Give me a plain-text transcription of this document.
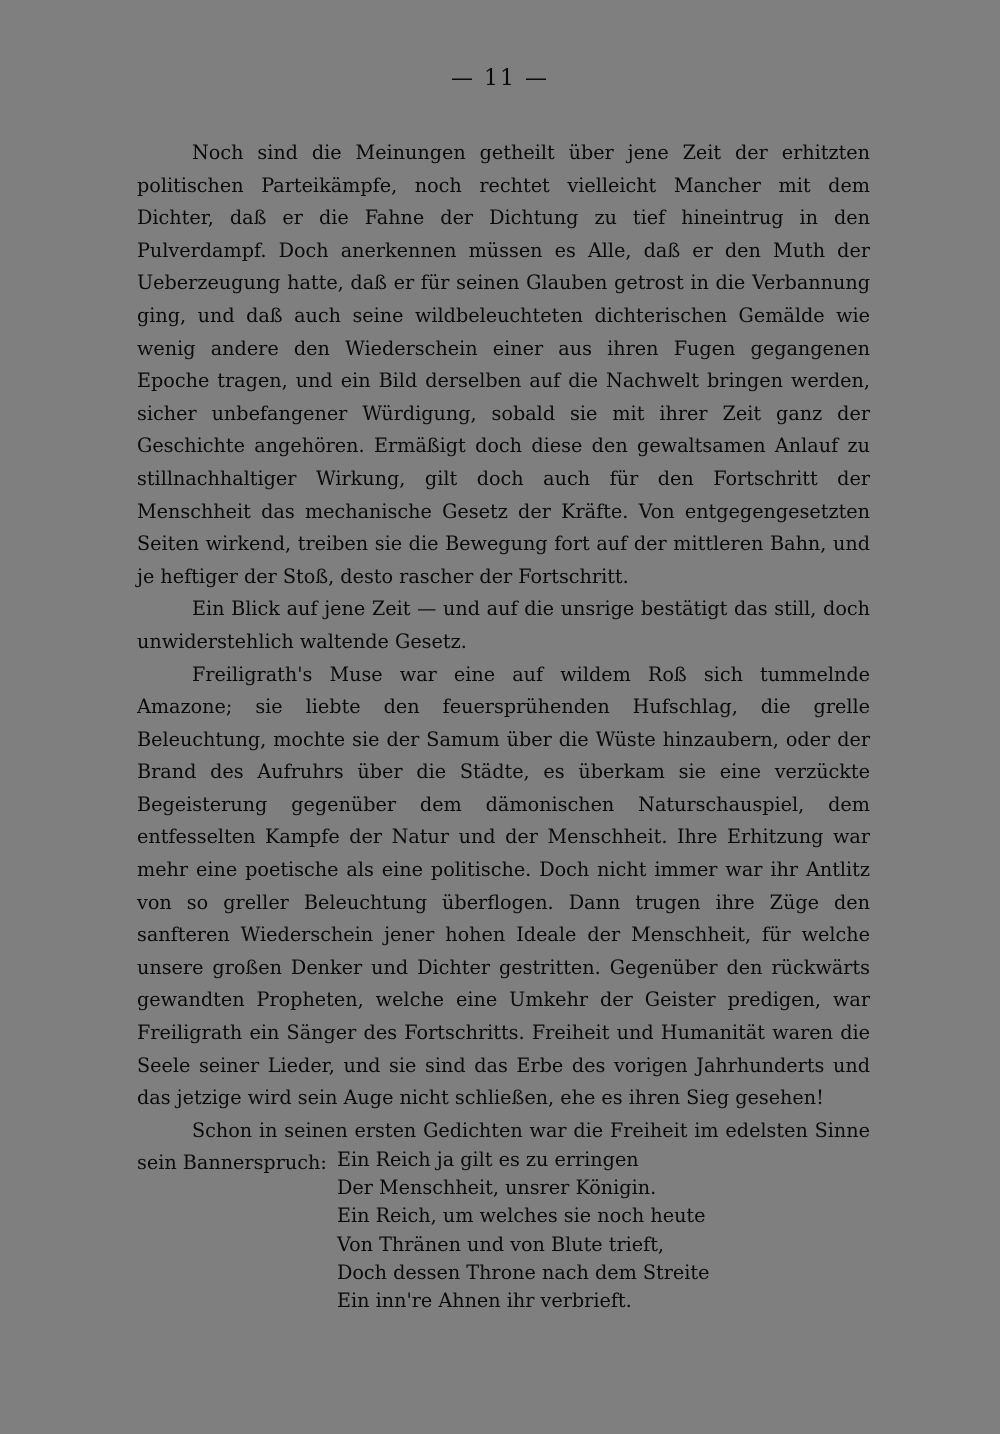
— 11 —

Noch sind die Meinungen getheilt über jene Zeit der erhitzten politischen Parteikämpfe, noch rechtet vielleicht Mancher mit dem Dichter, daß er die Fahne der Dichtung zu tief hineintrug in den Pulverdampf. Doch anerkennen müssen es Alle, daß er den Muth der Ueberzeugung hatte, daß er für seinen Glauben getrost in die Verbannung ging, und daß auch seine wildbeleuchteten dichterischen Gemälde wie wenig andere den Wiederschein einer aus ihren Fugen gegangenen Epoche tragen, und ein Bild derselben auf die Nachwelt bringen werden, sicher unbefangener Würdigung, sobald sie mit ihrer Zeit ganz der Geschichte angehören. Ermäßigt doch diese den gewaltsamen Anlauf zu stillnachhaltiger Wirkung, gilt doch auch für den Fortschritt der Menschheit das mechanische Gesetz der Kräfte. Von entgegengesetzten Seiten wirkend, treiben sie die Bewegung fort auf der mittleren Bahn, und je heftiger der Stoß, desto rascher der Fortschritt.

Ein Blick auf jene Zeit — und auf die unsrige bestätigt das still, doch unwiderstehlich waltende Gesetz.

Freiligrath's Muse war eine auf wildem Roß sich tummelnde Amazone; sie liebte den feuersprühenden Hufschlag, die grelle Beleuchtung, mochte sie der Samum über die Wüste hinzaubern, oder der Brand des Aufruhrs über die Städte, es überkam sie eine verzückte Begeisterung gegenüber dem dämonischen Naturschauspiel, dem entfesselten Kampfe der Natur und der Menschheit. Ihre Erhitzung war mehr eine poetische als eine politische. Doch nicht immer war ihr Antlitz von so greller Beleuchtung überflogen. Dann trugen ihre Züge den sanfteren Wiederschein jener hohen Ideale der Menschheit, für welche unsere großen Denker und Dichter gestritten. Gegenüber den rückwärts gewandten Propheten, welche eine Umkehr der Geister predigen, war Freiligrath ein Sänger des Fortschritts. Freiheit und Humanität waren die Seele seiner Lieder, und sie sind das Erbe des vorigen Jahrhunderts und das jetzige wird sein Auge nicht schließen, ehe es ihren Sieg gesehen!

Schon in seinen ersten Gedichten war die Freiheit im edelsten Sinne sein Bannerspruch: Ein Reich ja gilt es zu erringen
Der Menschheit, unsrer Königin.
Ein Reich, um welches sie noch heute
Von Thränen und von Blute trieft,
Doch dessen Throne nach dem Streite
Ein inn're Ahnen ihr verbrieft.
